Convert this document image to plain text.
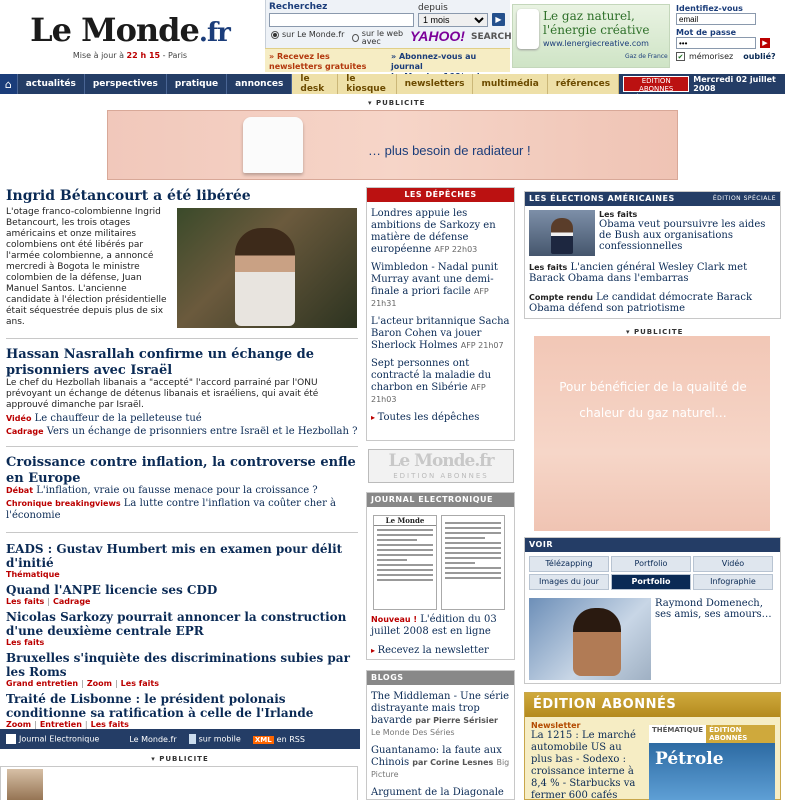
Le Monde.fr
Mise à jour à 22 h 15 - Paris
Recherchez	depuis
1 mois
▶
sur Le Monde.fr sur le web avec	YAHOO! SEARCH
» Recevez les newsletters gratuites
» Abonnez-vous au journal

Le gaz naturel,
l'énergie créative
www.lenergiecreative.com
Gaz de France
Identifiez-vous
email
Mot de passe
▶
✔ mémorisez oublié?
⌂	actualités	perspectives	pratique	annonces	le desk
le kiosque	newsletters	multimédia	références	EDITION ABONNES
Abonnez-vous 6€
Mercredi 02 juillet 2008
▾ PUBLICITE
… plus besoin de radiateur !
Ingrid Bétancourt a été libérée
L'otage franco-colombienne Ingrid Betancourt, les trois otages américains et onze militaires colombiens ont été libérés par l'armée colombienne, a annoncé mercredi à Bogota le ministre colombien de la défense, Juan Manuel Santos. L'ancienne candidate à l'élection présidentielle était séquestrée depuis plus de six ans.
Hassan Nasrallah confirme un échange de prisonniers avec Israël
Le chef du Hezbollah libanais a "accepté" l'accord parrainé par l'ONU prévoyant un échange de détenus libanais et israéliens, qui avait été approuvé dimanche par Israël.
Vidéo Le chauffeur de la pelleteuse tué
Cadrage Vers un échange de prisonniers entre Israël et le Hezbollah ?
Croissance contre inflation, la controverse enfle en Europe
Débat L'inflation, vraie ou fausse menace pour la croissance ?
Chronique breakingviews La lutte contre l'inflation va coûter cher à l'économie
EADS : Gustav Humbert mis en examen pour délit d'initié
Thématique
Quand l'ANPE licencie ses CDD
Les faits | Cadrage
Nicolas Sarkozy pourrait annoncer la construction d'une deuxième centrale EPR
Les faits
Bruxelles s'inquiète des discriminations subies par les Roms
Grand entretien | Zoom | Les faits
Traité de Lisbonne : le président polonais conditionne sa ratification à celle de l'Irlande
Zoom | Entretien | Les faits
Journal Electronique	Le Monde.fr	sur mobile XML en RSS
▾ PUBLICITE
LES DÉPÊCHES
Londres appuie les ambitions de Sarkozy en matière de défense européenne AFP 22h03
Wimbledon - Nadal punit Murray avant une demi-finale a priori facile AFP 21h31
L'acteur britannique Sacha Baron Cohen va jouer Sherlock Holmes AFP 21h07
Sept personnes ont contracté la maladie du charbon en Sibérie AFP 21h03
▸ Toutes les dépêches
Le Monde.fr
EDITION ABONNES
JOURNAL ELECTRONIQUE
Le Monde
Nouveau ! L'édition du 03 juillet 2008 est en ligne
▸ Recevez la newsletter
BLOGS
The Middleman - Une série distrayante mais trop bavarde par Pierre Sérisier Le Monde Des Séries
Guantanamo: la faute aux Chinois par Corine Lesnes Big Picture
Argument de la Diagonale
LES ÉLECTIONS AMÉRICAINES	ÉDITION SPÉCIALE
Les faits
Obama veut poursuivre les aides de Bush aux organisations confessionnelles
Les faits L'ancien général Wesley Clark met Barack Obama dans l'embarras
Compte rendu Le candidat démocrate Barack Obama défend son patriotisme
▾ PUBLICITE
Pour bénéficier de la qualité de chaleur du gaz naturel…
VOIR
Télézapping	Portfolio	Vidéo
Images du jour	Portfolio	Infographie
Raymond Domenech, ses amis, ses amours…
ÉDITION ABONNÉS
Newsletter
La 1215 : Le marché automobile US au plus bas - Sodexo : croissance interne à 8,4 % - Starbucks va fermer 600 cafés
THÉMATIQUE ÉDITION ABONNÉS
Pétrole
